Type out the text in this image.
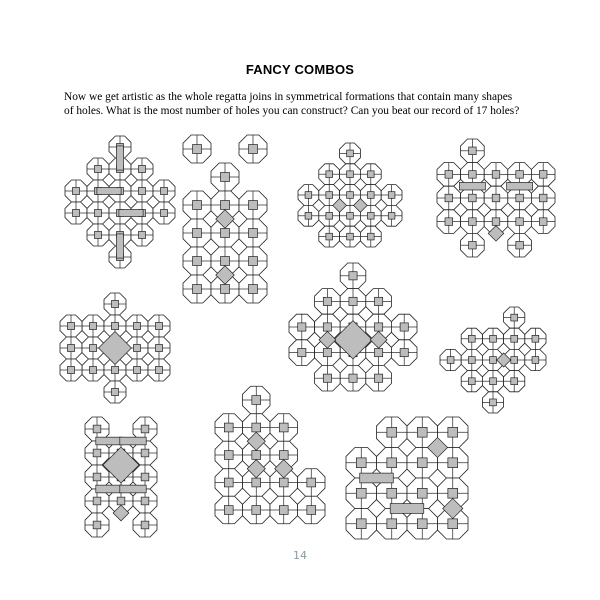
FANCY COMBOS
Now we get artistic as the whole regatta joins in symmetrical formations that contain many shapes
of holes. What is the most number of holes you can construct? Can you beat our record of 17 holes?
14
